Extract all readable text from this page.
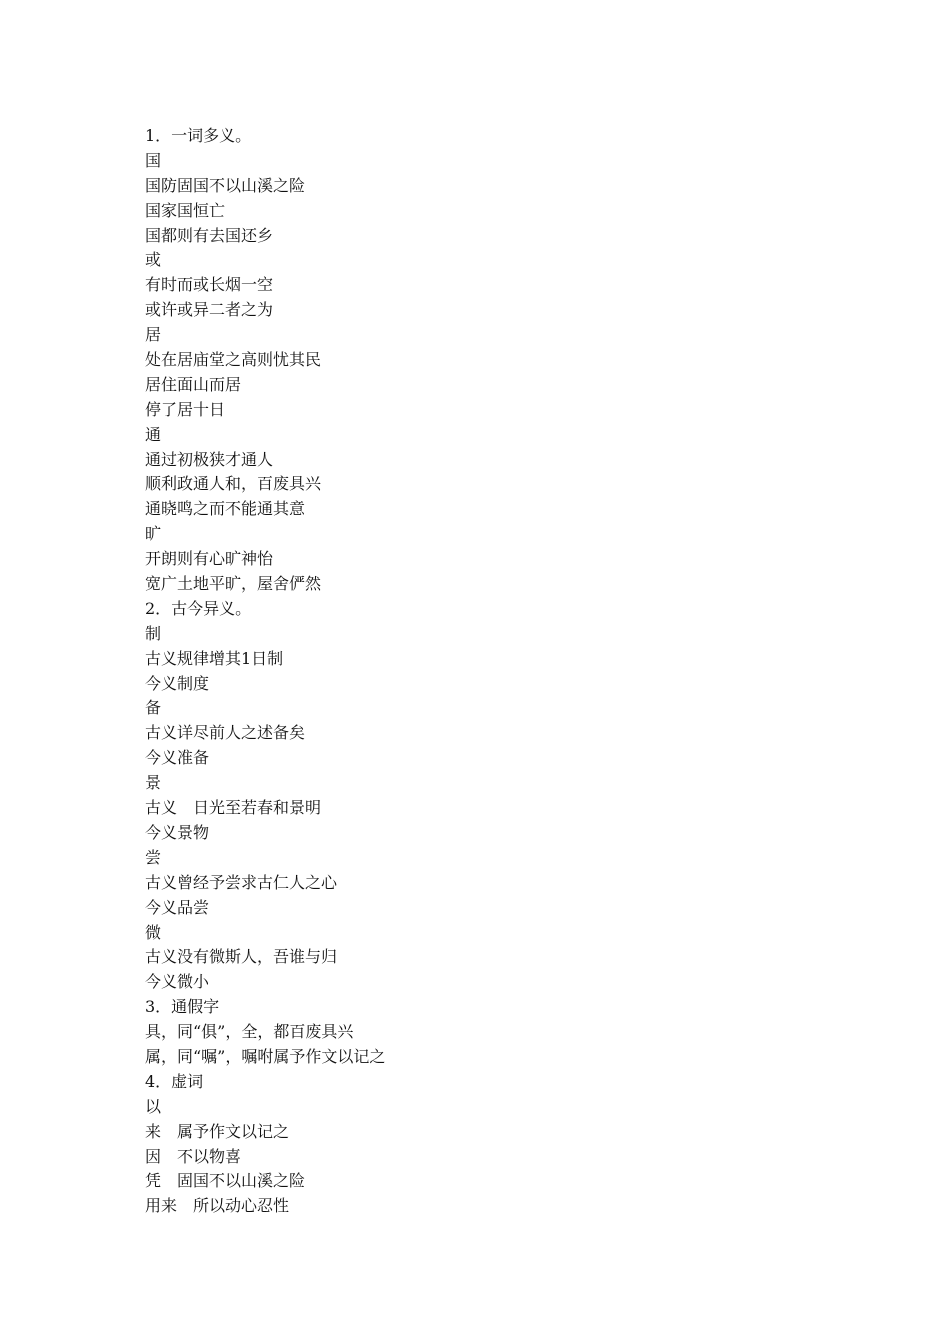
1．一词多义。
国
国防固国不以山溪之险
国家国恒亡
国都则有去国还乡
或
有时而或长烟一空
或许或异二者之为
居
处在居庙堂之高则忧其民
居住面山而居
停了居十日
通
通过初极狭才通人
顺利政通人和，百废具兴
通晓鸣之而不能通其意
旷
开朗则有心旷神怡
宽广土地平旷，屋舍俨然
2．古今异义。
制
古义规律增其1日制
今义制度
备
古义详尽前人之述备矣
今义准备
景
古义　日光至若春和景明
今义景物
尝
古义曾经予尝求古仁人之心
今义品尝
微
古义没有微斯人，吾谁与归
今义微小
3．通假字
具，同“俱”，全，都百废具兴
属，同“嘱”，嘱咐属予作文以记之
4．虚词
以
来　属予作文以记之
因　不以物喜
凭　固国不以山溪之险
用来　所以动心忍性
